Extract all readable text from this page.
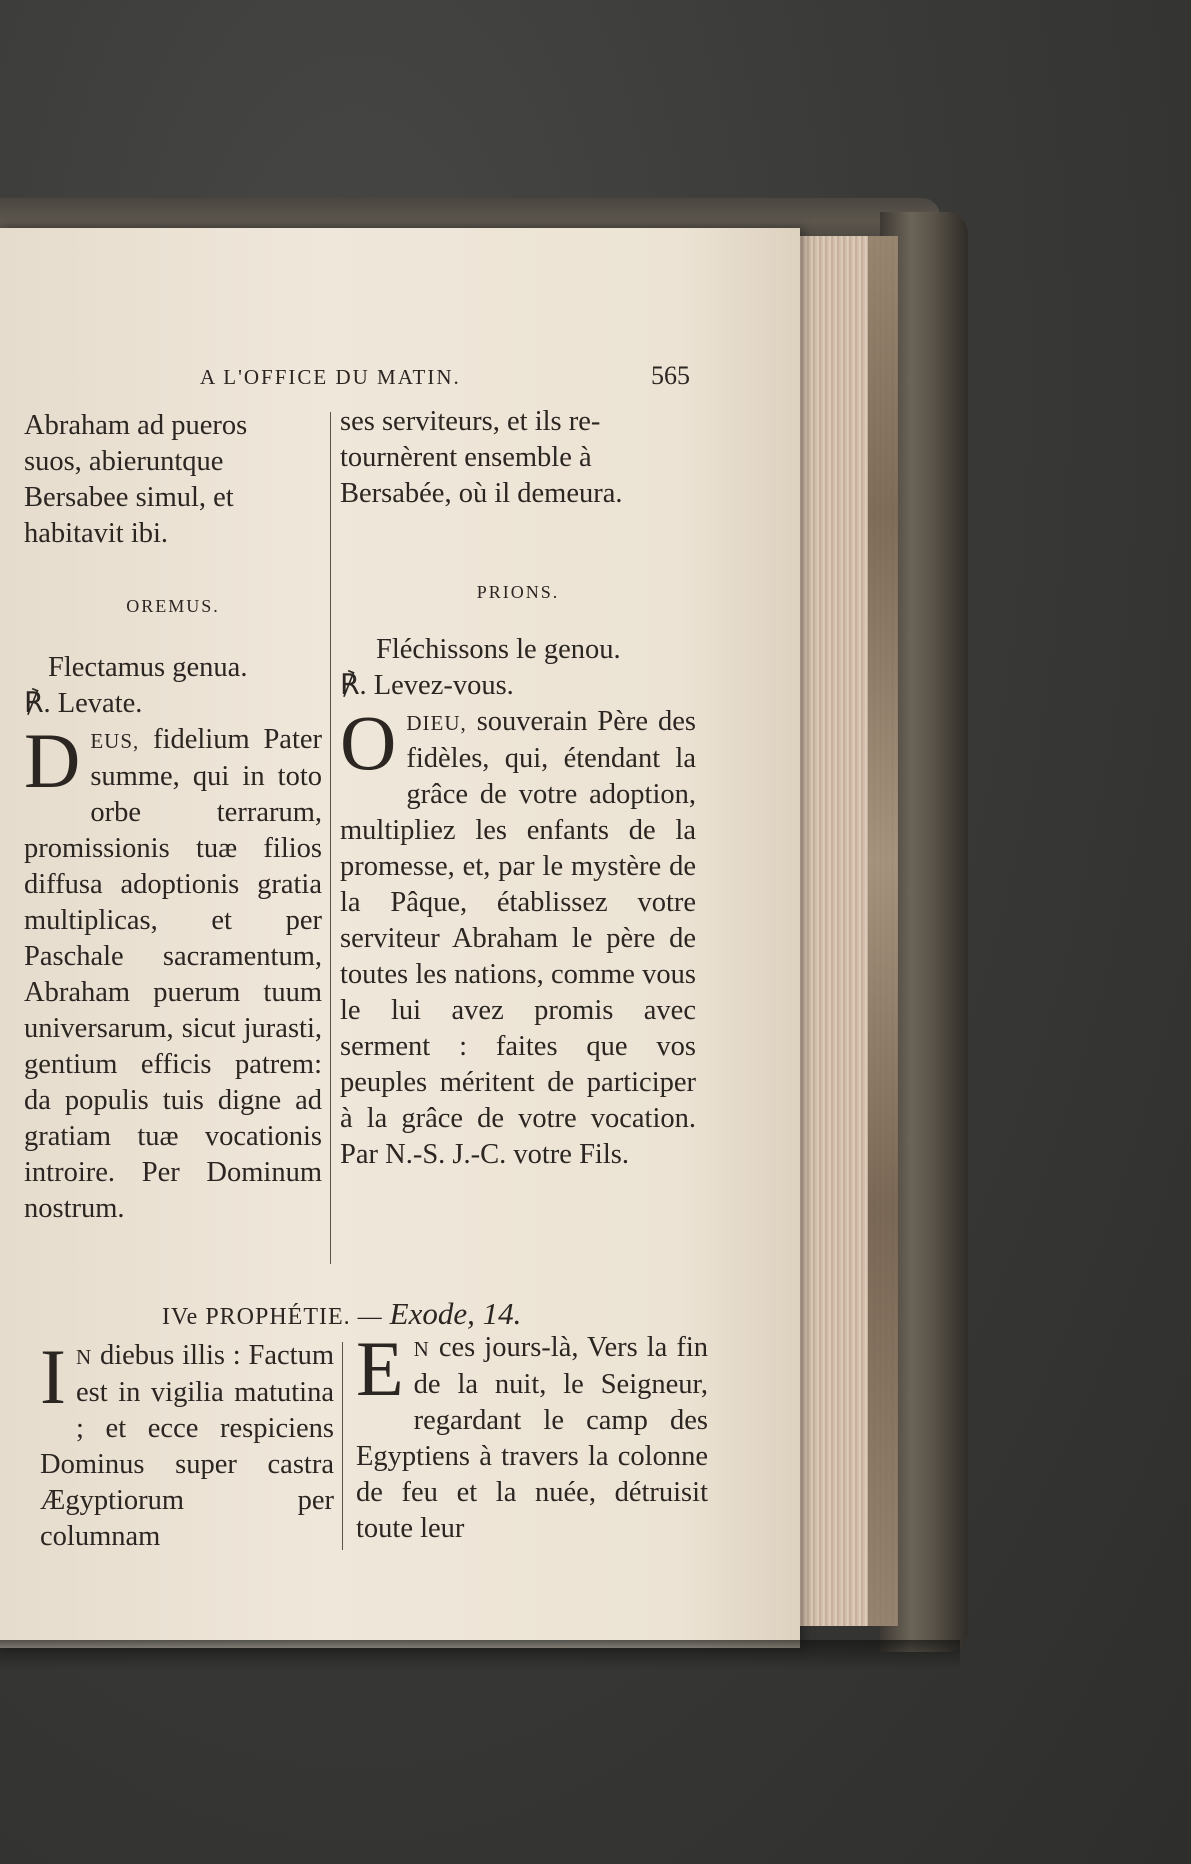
A L'OFFICE DU MATIN.	565

Abraham ad pueros

suos, abieruntque

Bersabee simul, et

habitavit ibi.

OREMUS.

Flectamus genua.

℟. Levate.

DEUS, fidelium Pater summe, qui in toto orbe terrarum, promissionis tuæ filios diffusa adoptionis gratia multiplicas, et per Paschale sacramentum, Abraham puerum tuum universarum, sicut jurasti, gentium efficis patrem: da populis tuis digne ad gratiam tuæ vocationis introire. Per Dominum nostrum.

ses serviteurs, et ils re-

tournèrent ensemble à

Bersabée, où il demeura.

PRIONS.

Fléchissons le genou.

℟. Levez-vous.

ODIEU, souverain Père des fidèles, qui, étendant la grâce de votre adoption, multipliez les enfants de la promesse, et, par le mystère de la Pâque, établissez votre serviteur Abraham le père de toutes les nations, comme vous le lui avez promis avec serment : faites que vos peuples méritent de participer à la grâce de votre vocation. Par N.-S. J.-C. votre Fils.

IVe PROPHÉTIE. — Exode, 14.

I N diebus illis : Factum est in vigilia matutina ; et ecce respiciens Dominus super castra Ægyptiorum per columnam

E N ces jours-là, Vers la fin de la nuit, le Seigneur, regardant le camp des Egyptiens à travers la colonne de feu et la nuée, détruisit toute leur
